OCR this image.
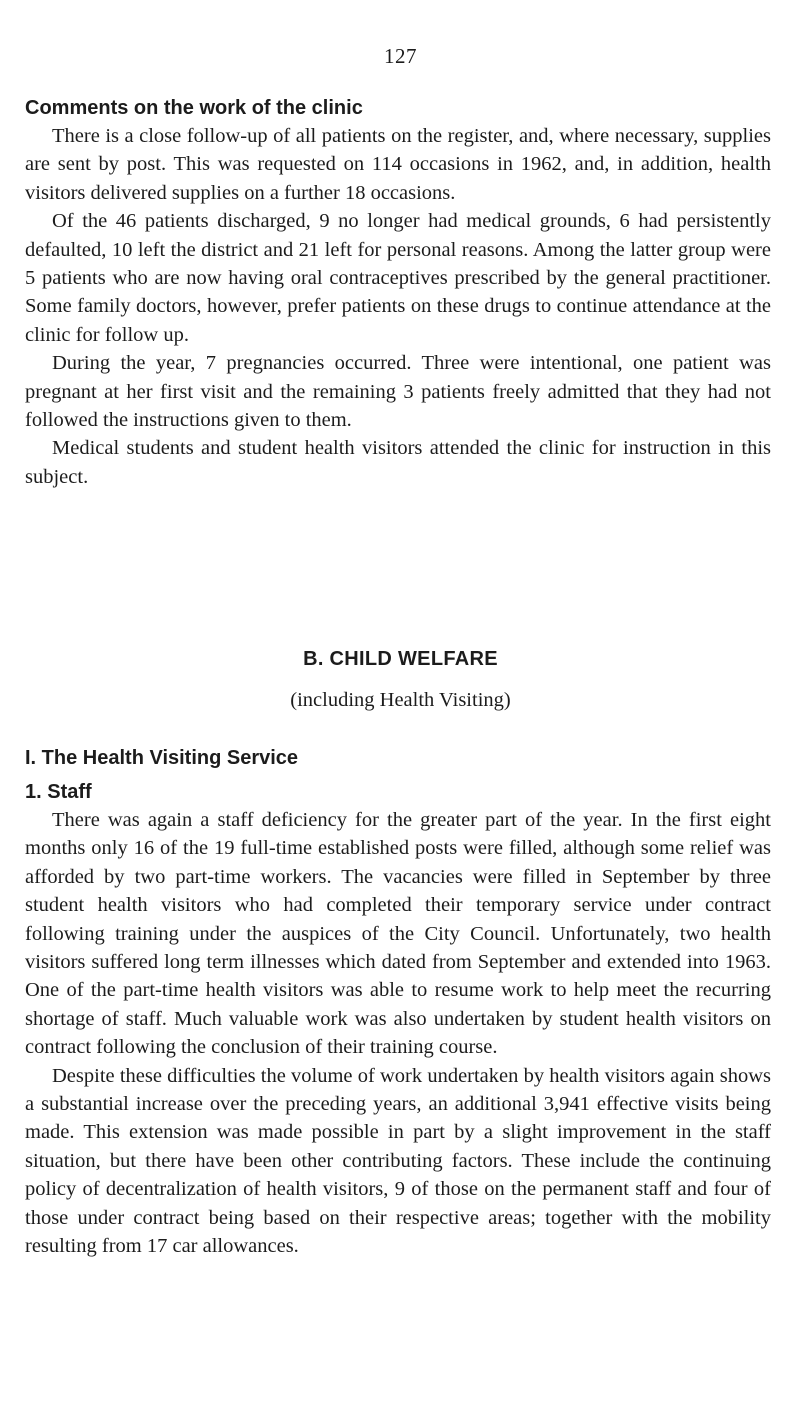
127
Comments on the work of the clinic

There is a close follow-up of all patients on the register, and, where necessary, supplies are sent by post. This was requested on 114 occasions in 1962, and, in addition, health visitors delivered supplies on a further 18 occasions.

Of the 46 patients discharged, 9 no longer had medical grounds, 6 had persistently defaulted, 10 left the district and 21 left for personal reasons. Among the latter group were 5 patients who are now having oral contraceptives prescribed by the general practitioner. Some family doctors, however, prefer patients on these drugs to continue attendance at the clinic for follow up.

During the year, 7 pregnancies occurred. Three were intentional, one patient was pregnant at her first visit and the remaining 3 patients freely admitted that they had not followed the instructions given to them.

Medical students and student health visitors attended the clinic for instruction in this subject.

B. CHILD WELFARE
(including Health Visiting)
I. The Health Visiting Service
1. Staff

There was again a staff deficiency for the greater part of the year. In the first eight months only 16 of the 19 full-time established posts were filled, although some relief was afforded by two part-time workers. The vacancies were filled in September by three student health visitors who had completed their temporary service under contract following training under the auspices of the City Council. Unfortunately, two health visitors suffered long term illnesses which dated from September and extended into 1963. One of the part-time health visitors was able to resume work to help meet the recurring shortage of staff. Much valuable work was also undertaken by student health visitors on contract following the conclusion of their training course.

Despite these difficulties the volume of work undertaken by health visitors again shows a substantial increase over the preceding years, an additional 3,941 effective visits being made. This extension was made possible in part by a slight improvement in the staff situation, but there have been other contributing factors. These include the continuing policy of decentralization of health visitors, 9 of those on the permanent staff and four of those under contract being based on their respective areas; together with the mobility resulting from 17 car allowances.
